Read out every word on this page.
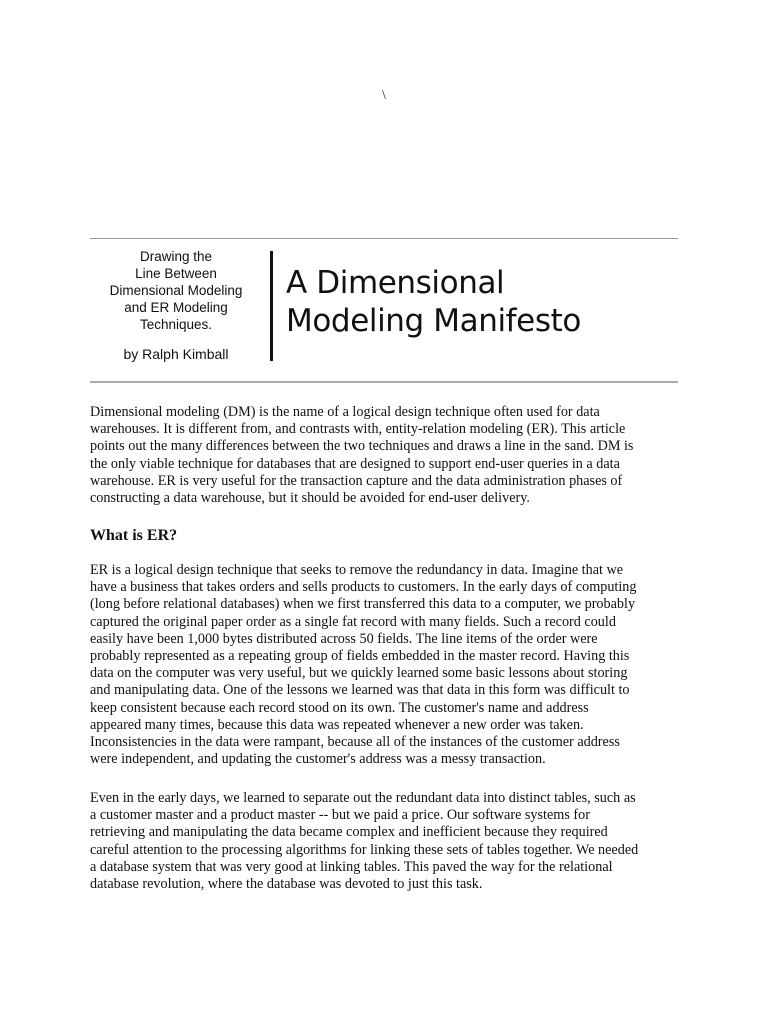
\
Drawing the
Line Between
Dimensional Modeling
and ER Modeling
Techniques.
by Ralph Kimball
A Dimensional
Modeling Manifesto
Dimensional modeling (DM) is the name of a logical design technique often used for data
warehouses. It is different from, and contrasts with, entity-relation modeling (ER). This article
points out the many differences between the two techniques and draws a line in the sand. DM is
the only viable technique for databases that are designed to support end-user queries in a data
warehouse. ER is very useful for the transaction capture and the data administration phases of
constructing a data warehouse, but it should be avoided for end-user delivery.
What is ER?
ER is a logical design technique that seeks to remove the redundancy in data. Imagine that we
have a business that takes orders and sells products to customers. In the early days of computing
(long before relational databases) when we first transferred this data to a computer, we probably
captured the original paper order as a single fat record with many fields. Such a record could
easily have been 1,000 bytes distributed across 50 fields. The line items of the order were
probably represented as a repeating group of fields embedded in the master record. Having this
data on the computer was very useful, but we quickly learned some basic lessons about storing
and manipulating data. One of the lessons we learned was that data in this form was difficult to
keep consistent because each record stood on its own. The customer's name and address
appeared many times, because this data was repeated whenever a new order was taken.
Inconsistencies in the data were rampant, because all of the instances of the customer address
were independent, and updating the customer's address was a messy transaction.
Even in the early days, we learned to separate out the redundant data into distinct tables, such as
a customer master and a product master -- but we paid a price. Our software systems for
retrieving and manipulating the data became complex and inefficient because they required
careful attention to the processing algorithms for linking these sets of tables together. We needed
a database system that was very good at linking tables. This paved the way for the relational
database revolution, where the database was devoted to just this task.
